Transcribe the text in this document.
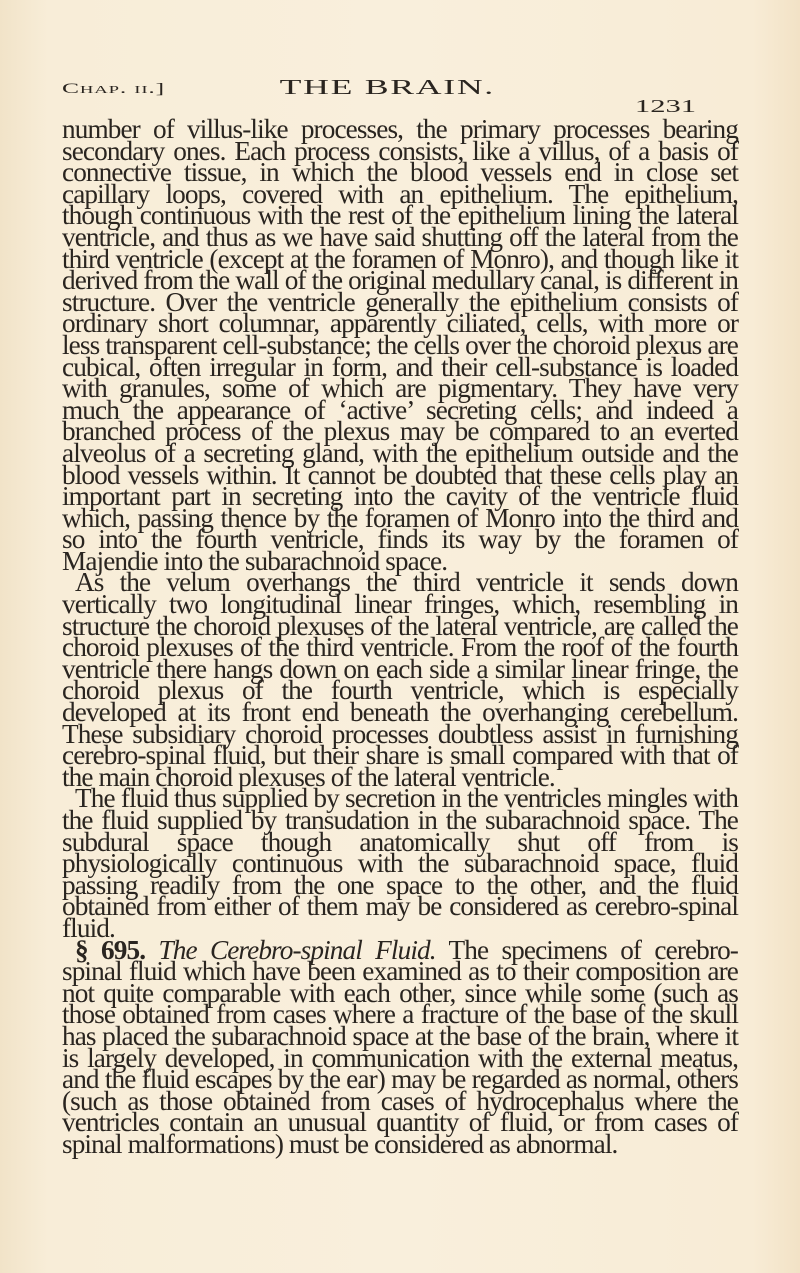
Chap. ii.]	THE BRAIN.
1231

number of villus-like processes, the primary processes bearing secondary ones. Each process consists, like a villus, of a basis of connective tissue, in which the blood vessels end in close set capillary loops, covered with an epithelium. The epithelium, though continuous with the rest of the epithelium lining the lateral ventricle, and thus as we have said shutting off the lateral from the third ventricle (except at the foramen of Monro), and though like it derived from the wall of the original medullary canal, is different in structure. Over the ventricle generally the epithelium consists of ordinary short columnar, apparently ciliated, cells, with more or less transparent cell-substance; the cells over the choroid plexus are cubical, often irregular in form, and their cell-substance is loaded with granules, some of which are pigmentary. They have very much the appearance of ‘active’ secreting cells; and indeed a branched process of the plexus may be compared to an everted alveolus of a secreting gland, with the epithelium outside and the blood vessels within. It cannot be doubted that these cells play an important part in secreting into the cavity of the ventricle fluid which, passing thence by the foramen of Monro into the third and so into the fourth ventricle, finds its way by the foramen of Majendie into the subarachnoid space.

As the velum overhangs the third ventricle it sends down vertically two longitudinal linear fringes, which, resembling in structure the choroid plexuses of the lateral ventricle, are called the choroid plexuses of the third ventricle. From the roof of the fourth ventricle there hangs down on each side a similar linear fringe, the choroid plexus of the fourth ventricle, which is especially developed at its front end beneath the overhanging cerebellum. These subsidiary choroid processes doubtless assist in furnishing cerebro-spinal fluid, but their share is small compared with that of the main choroid plexuses of the lateral ventricle.

The fluid thus supplied by secretion in the ventricles mingles with the fluid supplied by transudation in the subarachnoid space. The subdural space though anatomically shut off from is physiologically continuous with the subarachnoid space, fluid passing readily from the one space to the other, and the fluid obtained from either of them may be considered as cerebro-spinal fluid.

§ 695. The Cerebro-spinal Fluid. The specimens of cerebro-spinal fluid which have been examined as to their composition are not quite comparable with each other, since while some (such as those obtained from cases where a fracture of the base of the skull has placed the subarachnoid space at the base of the brain, where it is largely developed, in communication with the external meatus, and the fluid escapes by the ear) may be regarded as normal, others (such as those obtained from cases of hydrocephalus where the ventricles contain an unusual quantity of fluid, or from cases of spinal malformations) must be considered as abnormal.
